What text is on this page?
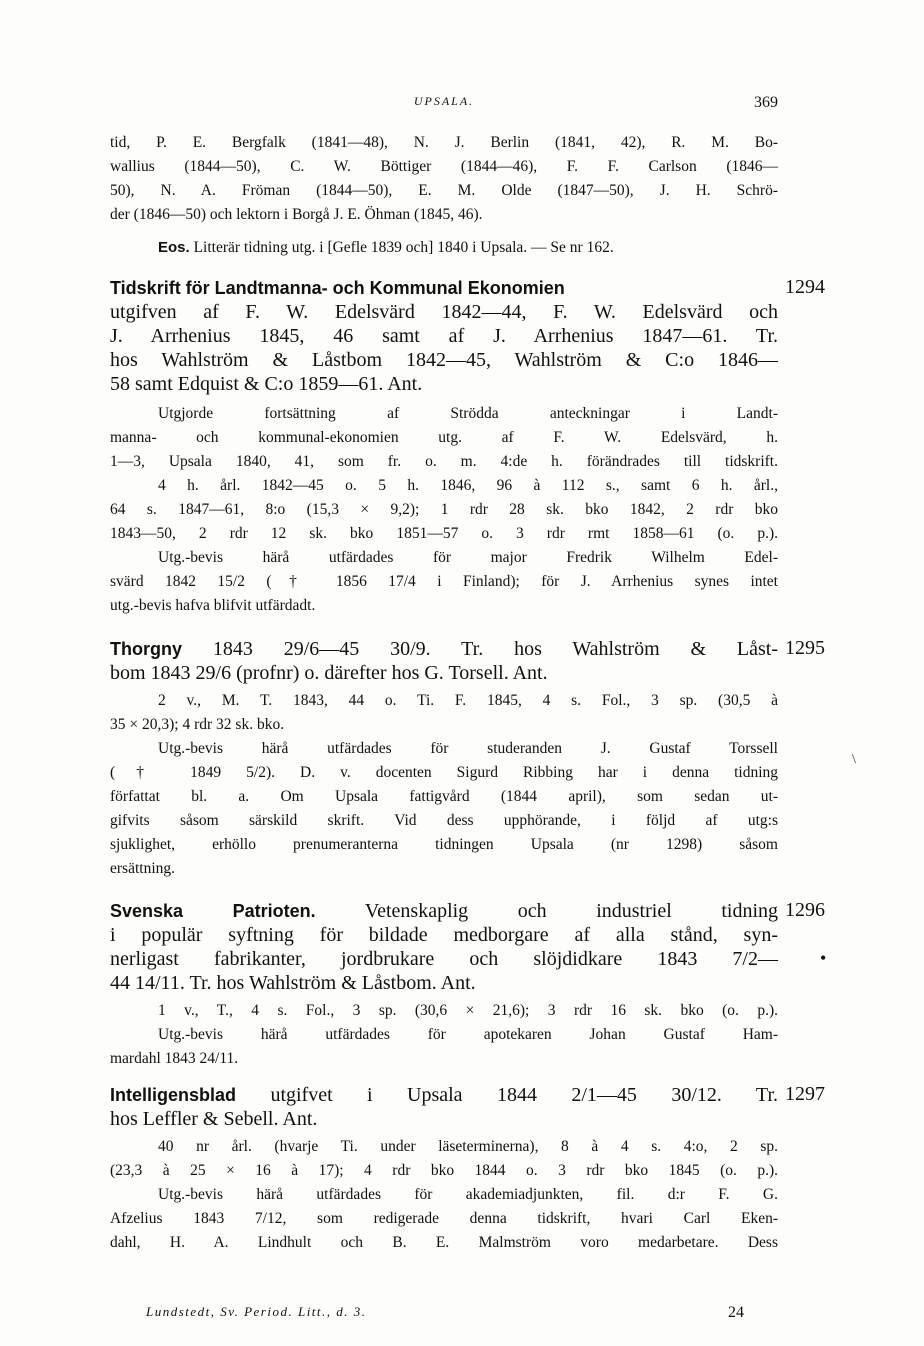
UPSALA.	369
tid, P. E. Bergfalk (1841—48), N. J. Berlin (1841, 42), R. M. Bo-
wallius (1844—50), C. W. Böttiger (1844—46), F. F. Carlson (1846—
50), N. A. Fröman (1844—50), E. M. Olde (1847—50), J. H. Schrö-
der (1846—50) och lektorn i Borgå J. E. Öhman (1845, 46).
Eos. Litterär tidning utg. i [Gefle 1839 och] 1840 i Upsala. — Se nr 162.
Tidskrift för Landtmanna- och Kommunal Ekonomien
utgifven af F. W. Edelsvärd 1842—44, F. W. Edelsvärd och
J. Arrhenius 1845, 46 samt af J. Arrhenius 1847—61. Tr.
hos Wahlström & Låstbom 1842—45, Wahlström & C:o 1846—
58 samt Edquist & C:o 1859—61. Ant.
Utgjorde fortsättning af Strödda anteckningar i Landt-
manna- och kommunal-ekonomien utg. af F. W. Edelsvärd, h.
1—3, Upsala 1840, 41, som fr. o. m. 4:de h. förändrades till tidskrift.
4 h. årl. 1842—45 o. 5 h. 1846, 96 à 112 s., samt 6 h. årl.,
64 s. 1847—61, 8:o (15,3 × 9,2); 1 rdr 28 sk. bko 1842, 2 rdr bko
1843—50, 2 rdr 12 sk. bko 1851—57 o. 3 rdr rmt 1858—61 (o. p.).
Utg.-bevis härå utfärdades för major Fredrik Wilhelm Edel-
svärd 1842 15/2 († 1856 17/4 i Finland); för J. Arrhenius synes intet
utg.-bevis hafva blifvit utfärdadt.
1294
Thorgny 1843 29/6—45 30/9. Tr. hos Wahlström & Låst-
bom 1843 29/6 (profnr) o. därefter hos G. Torsell. Ant.
2 v., M. T. 1843, 44 o. Ti. F. 1845, 4 s. Fol., 3 sp. (30,5 à
35 × 20,3); 4 rdr 32 sk. bko.
Utg.-bevis härå utfärdades för studeranden J. Gustaf Torssell
(† 1849 5/2). D. v. docenten Sigurd Ribbing har i denna tidning
författat bl. a. Om Upsala fattigvård (1844 april), som sedan ut-
gifvits såsom särskild skrift. Vid dess upphörande, i följd af utg:s
sjuklighet, erhöllo prenumeranterna tidningen Upsala (nr 1298) såsom
ersättning.
1295
\
Svenska Patrioten. Vetenskaplig och industriel tidning
i populär syftning för bildade medborgare af alla stånd, syn-
nerligast fabrikanter, jordbrukare och slöjdidkare 1843 7/2—
44 14/11. Tr. hos Wahlström & Låstbom. Ant.
1 v., T., 4 s. Fol., 3 sp. (30,6 × 21,6); 3 rdr 16 sk. bko (o. p.).
Utg.-bevis härå utfärdades för apotekaren Johan Gustaf Ham-
mardahl 1843 24/11.
1296
•
Intelligensblad utgifvet i Upsala 1844 2/1—45 30/12. Tr.
hos Leffler & Sebell. Ant.
40 nr årl. (hvarje Ti. under läseterminerna), 8 à 4 s. 4:o, 2 sp.
(23,3 à 25 × 16 à 17); 4 rdr bko 1844 o. 3 rdr bko 1845 (o. p.).
Utg.-bevis härå utfärdades för akademiadjunkten, fil. d:r F. G.
Afzelius 1843 7/12, som redigerade denna tidskrift, hvari Carl Eken-
dahl, H. A. Lindhult och B. E. Malmström voro medarbetare. Dess
1297
Lundstedt, Sv. Period. Litt., d. 3.	24
